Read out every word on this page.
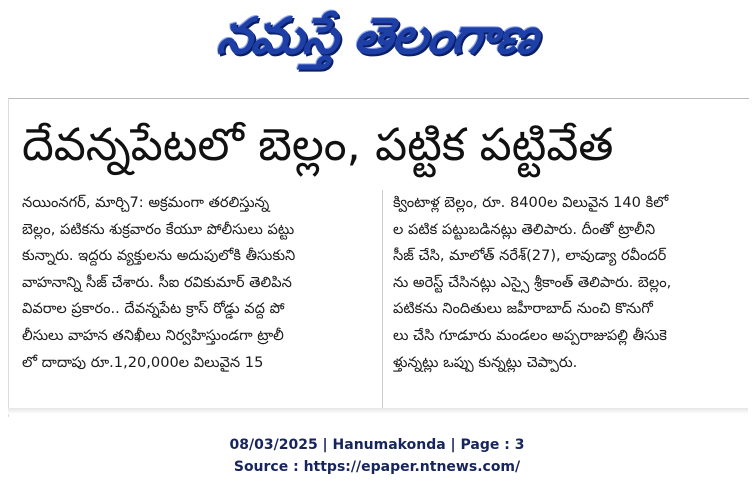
నమస్తే తెలంగాణ
దేవన్నపేటలో బెల్లం, పట్టిక పట్టివేత
నయింనగర్, మార్చి7: అక్రమంగా తరలిస్తున్న
బెల్లం, పటికను శుక్రవారం కేయూ పోలీసులు పట్టు
కున్నారు. ఇద్దరు వ్యక్తులను అదుపులోకి తీసుకుని
వాహనాన్ని సీజ్ చేశారు. సీఐ రవికుమార్ తెలిపిన
వివరాల ప్రకారం.. దేవన్నపేట క్రాస్ రోడ్డు వద్ద పో
లీసులు వాహన తనిఖీలు నిర్వహిస్తుండగా ట్రాలీ
లో దాదాపు రూ.1,20,000ల విలువైన 15
క్వింటాళ్ల బెల్లం, రూ. 8400ల విలువైన 140 కిలో
ల పటిక పట్టుబడినట్లు తెలిపారు. దీంతో ట్రాలీని
సీజ్ చేసి, మాలోత్ నరేశ్(27), లావుడ్యా రవీందర్
ను అరెస్ట్ చేసినట్లు ఎస్సై శ్రీకాంత్ తెలిపారు. బెల్లం,
పటికను నిందితులు జహీరాబాద్ నుంచి కొనుగో
లు చేసి గూడూరు మండలం అప్పరాజుపల్లి తీసుకె
ళ్తున్నట్లు ఒప్పు కున్నట్లు చెప్పారు.
08/03/2025 | Hanumakonda | Page : 3
Source : https://epaper.ntnews.com/
